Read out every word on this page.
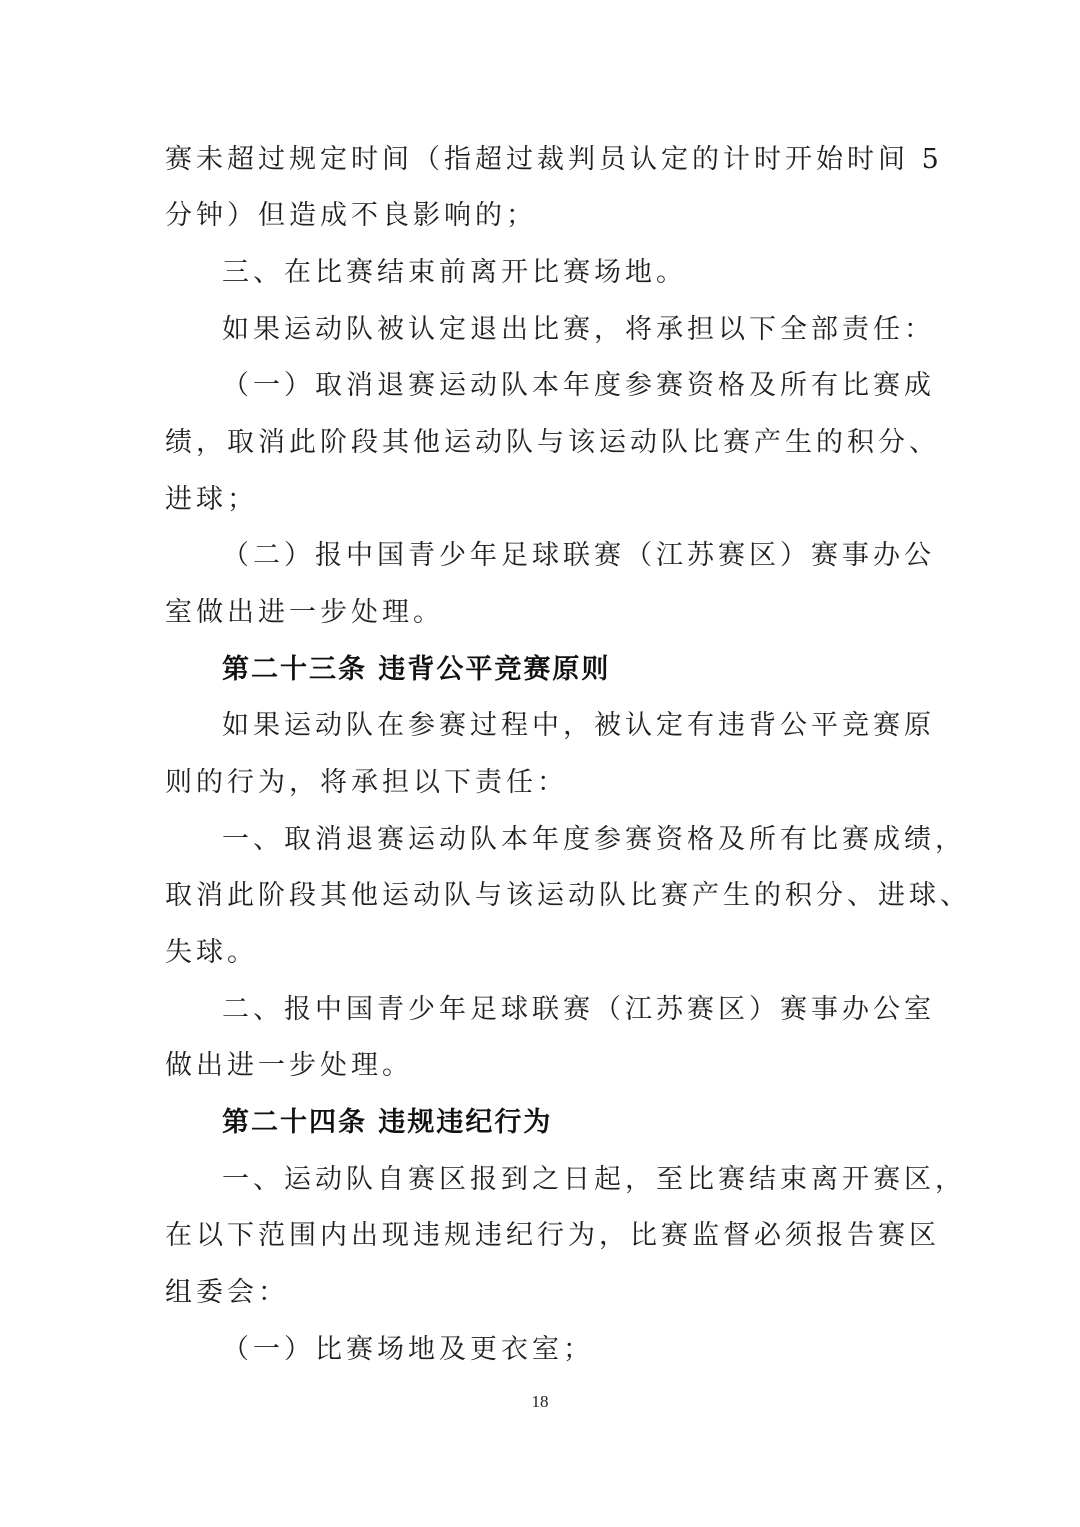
赛未超过规定时间（指超过裁判员认定的计时开始时间 5
分钟）但造成不良影响的；
三、在比赛结束前离开比赛场地。
如果运动队被认定退出比赛，将承担以下全部责任：
（一）取消退赛运动队本年度参赛资格及所有比赛成
绩，取消此阶段其他运动队与该运动队比赛产生的积分、
进球；
（二）报中国青少年足球联赛（江苏赛区）赛事办公
室做出进一步处理。
第二十三条 违背公平竞赛原则
如果运动队在参赛过程中，被认定有违背公平竞赛原
则的行为，将承担以下责任：
一、取消退赛运动队本年度参赛资格及所有比赛成绩，
取消此阶段其他运动队与该运动队比赛产生的积分、进球、
失球。
二、报中国青少年足球联赛（江苏赛区）赛事办公室
做出进一步处理。
第二十四条 违规违纪行为
一、运动队自赛区报到之日起，至比赛结束离开赛区，
在以下范围内出现违规违纪行为，比赛监督必须报告赛区
组委会：
（一）比赛场地及更衣室；
18
